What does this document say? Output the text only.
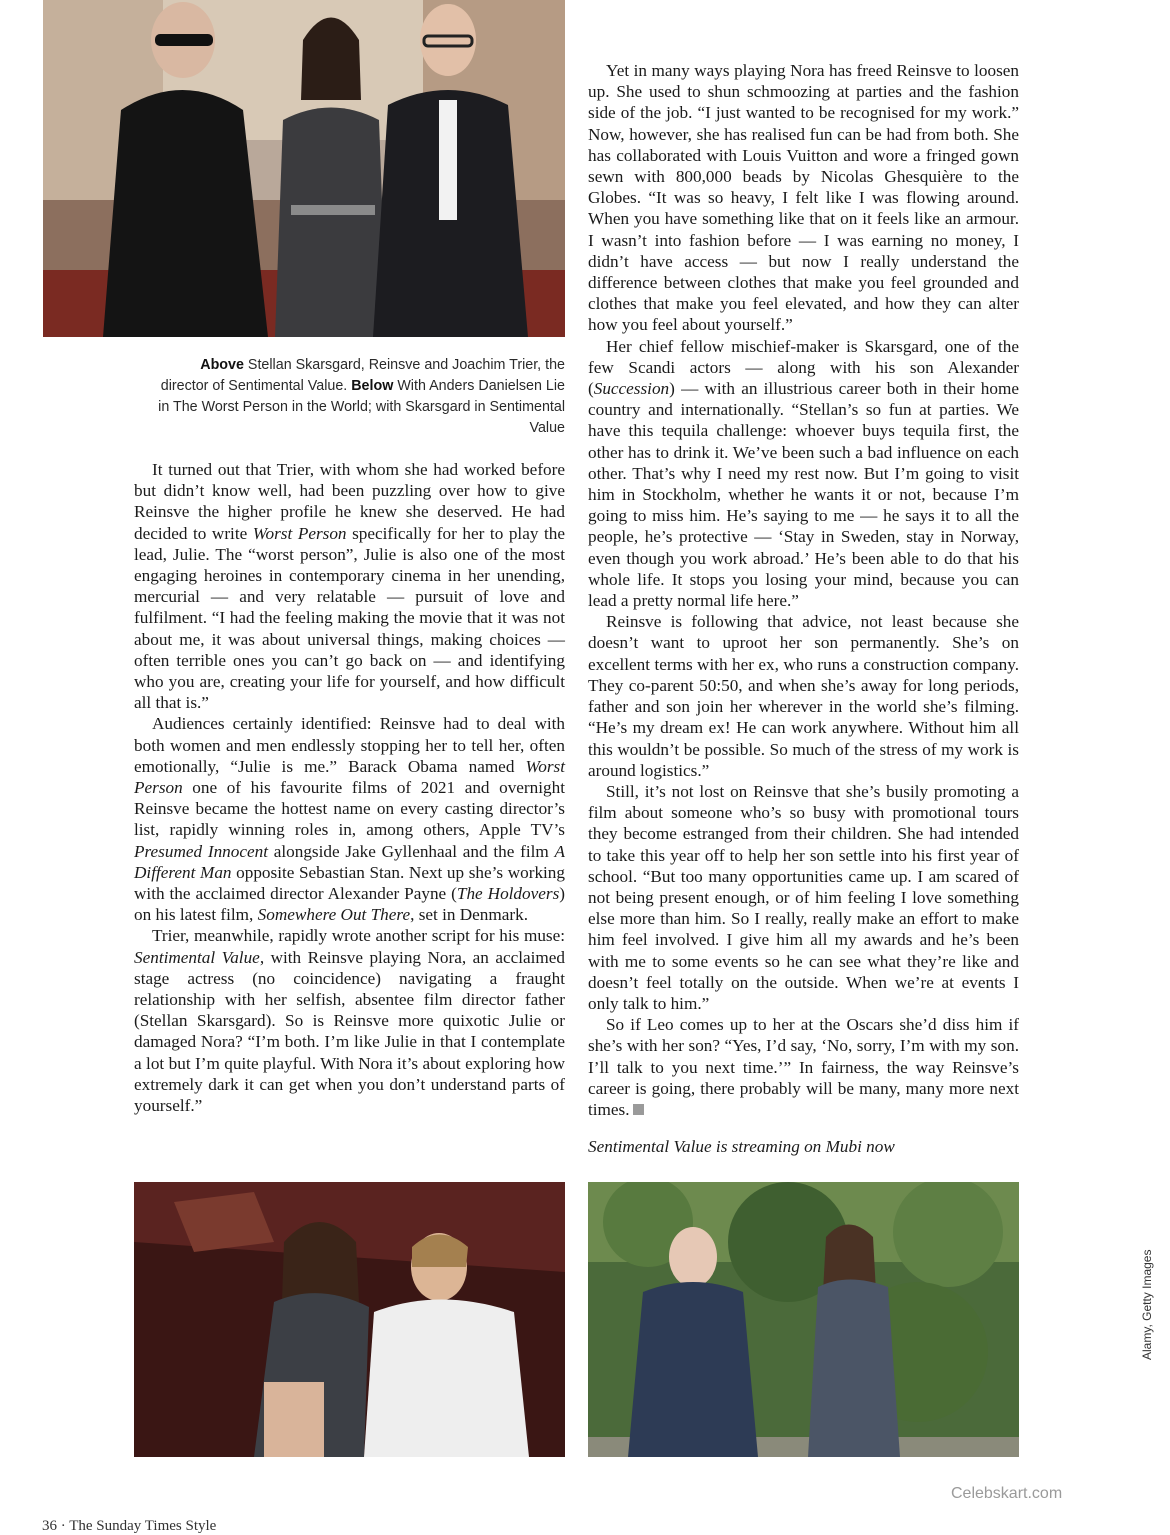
Above Stellan Skarsgard, Reinsve and Joachim Trier, the director of Sentimental Value. Below With Anders Danielsen Lie in The Worst Person in the World; with Skarsgard in Sentimental Value

It turned out that Trier, with whom she had worked before but didn’t know well, had been puzzling over how to give Reinsve the higher profile he knew she deserved. He had decided to write Worst Person specifically for her to play the lead, Julie. The “worst person”, Julie is also one of the most engaging heroines in contemporary cinema in her unending, mercurial — and very relatable — pursuit of love and fulfilment. “I had the feeling making the movie that it was not about me, it was about universal things, making choices — often terrible ones you can’t go back on — and identifying who you are, creating your life for yourself, and how difficult all that is.”

Audiences certainly identified: Reinsve had to deal with both women and men endlessly stopping her to tell her, often emotionally, “Julie is me.” Barack Obama named Worst Person one of his favourite films of 2021 and overnight Reinsve became the hottest name on every casting director’s list, rapidly winning roles in, among others, Apple TV’s Presumed Innocent alongside Jake Gyllenhaal and the film A Different Man opposite Sebastian Stan. Next up she’s working with the acclaimed director Alexander Payne (The Holdovers) on his latest film, Somewhere Out There, set in Denmark.

Trier, meanwhile, rapidly wrote another script for his muse: Sentimental Value, with Reinsve playing Nora, an acclaimed stage actress (no coincidence) navigating a fraught relationship with her selfish, absentee film director father (Stellan Skarsgard). So is Reinsve more quixotic Julie or damaged Nora? “I’m both. I’m like Julie in that I contemplate a lot but I’m quite playful. With Nora it’s about exploring how extremely dark it can get when you don’t understand parts of yourself.”

Yet in many ways playing Nora has freed Reinsve to loosen up. She used to shun schmoozing at parties and the fashion side of the job. “I just wanted to be recognised for my work.” Now, however, she has realised fun can be had from both. She has collaborated with Louis Vuitton and wore a fringed gown sewn with 800,000 beads by Nicolas Ghesquière to the Globes. “It was so heavy, I felt like I was flowing around. When you have something like that on it feels like an armour. I wasn’t into fashion before — I was earning no money, I didn’t have access — but now I really understand the difference between clothes that make you feel grounded and clothes that make you feel elevated, and how they can alter how you feel about yourself.”

Her chief fellow mischief-maker is Skarsgard, one of the few Scandi actors — along with his son Alexander (Succession) — with an illustrious career both in their home country and internationally. “Stellan’s so fun at parties. We have this tequila challenge: whoever buys tequila first, the other has to drink it. We’ve been such a bad influence on each other. That’s why I need my rest now. But I’m going to visit him in Stockholm, whether he wants it or not, because I’m going to miss him. He’s saying to me — he says it to all the people, he’s protective — ‘Stay in Sweden, stay in Norway, even though you work abroad.’ He’s been able to do that his whole life. It stops you losing your mind, because you can lead a pretty normal life here.”

Reinsve is following that advice, not least because she doesn’t want to uproot her son permanently. She’s on excellent terms with her ex, who runs a construction company. They co-parent 50:50, and when she’s away for long periods, father and son join her wherever in the world she’s filming. “He’s my dream ex! He can work anywhere. Without him all this wouldn’t be possible. So much of the stress of my work is around logistics.”

Still, it’s not lost on Reinsve that she’s busily promoting a film about someone who’s so busy with promotional tours they become estranged from their children. She had intended to take this year off to help her son settle into his first year of school. “But too many opportunities came up. I am scared of not being present enough, or of him feeling I love something else more than him. So I really, really make an effort to make him feel involved. I give him all my awards and he’s been with me to some events so he can see what they’re like and doesn’t feel totally on the outside. When we’re at events I only talk to him.”

So if Leo comes up to her at the Oscars she’d diss him if she’s with her son? “Yes, I’d say, ‘No, sorry, I’m with my son. I’ll talk to you next time.’” In fairness, the way Reinsve’s career is going, there probably will be many, many more next times.

Sentimental Value is streaming on Mubi now
Alamy, Getty Images
Celebskart.com
36 · The Sunday Times Style
